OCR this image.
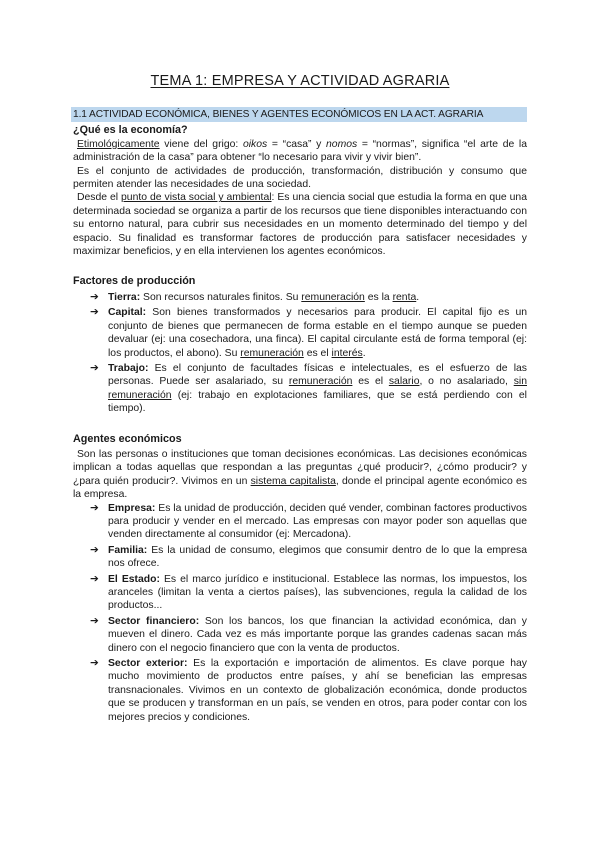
TEMA 1: EMPRESA Y ACTIVIDAD AGRARIA
1.1 ACTIVIDAD ECONÓMICA, BIENES Y AGENTES ECONÓMICOS EN LA ACT. AGRARIA

¿Qué es la economía?

Etimológicamente viene del grigo: oikos = “casa” y nomos = “normas”, significa “el arte de la administración de la casa” para obtener “lo necesario para vivir y vivir bien”.

Es el conjunto de actividades de producción, transformación, distribución y consumo que permiten atender las necesidades de una sociedad.

Desde el punto de vista social y ambiental: Es una ciencia social que estudia la forma en que una determinada sociedad se organiza a partir de los recursos que tiene disponibles interactuando con su entorno natural, para cubrir sus necesidades en un momento determinado del tiempo y del espacio. Su finalidad es transformar factores de producción para satisfacer necesidades y maximizar beneficios, y en ella intervienen los agentes económicos.

Factores de producción
➔ Tierra: Son recursos naturales finitos. Su remuneración es la renta.
➔ Capital: Son bienes transformados y necesarios para producir. El capital fijo es un conjunto de bienes que permanecen de forma estable en el tiempo aunque se pueden devaluar (ej: una cosechadora, una finca). El capital circulante está de forma temporal (ej: los productos, el abono). Su remuneración es el interés.
➔ Trabajo: Es el conjunto de facultades físicas e intelectuales, es el esfuerzo de las personas. Puede ser asalariado, su remuneración es el salario, o no asalariado, sin remuneración (ej: trabajo en explotaciones familiares, que se está perdiendo con el tiempo).
Agentes económicos

Son las personas o instituciones que toman decisiones económicas. Las decisiones económicas implican a todas aquellas que respondan a las preguntas ¿qué producir?, ¿cómo producir? y ¿para quién producir?. Vivimos en un sistema capitalista, donde el principal agente económico es la empresa.

➔ Empresa: Es la unidad de producción, deciden qué vender, combinan factores productivos para producir y vender en el mercado. Las empresas con mayor poder son aquellas que venden directamente al consumidor (ej: Mercadona).
➔ Familia: Es la unidad de consumo, elegimos que consumir dentro de lo que la empresa nos ofrece.
➔ El Estado: Es el marco jurídico e institucional. Establece las normas, los impuestos, los aranceles (limitan la venta a ciertos países), las subvenciones, regula la calidad de los productos...
➔ Sector financiero: Son los bancos, los que financian la actividad económica, dan y mueven el dinero. Cada vez es más importante porque las grandes cadenas sacan más dinero con el negocio financiero que con la venta de productos.
➔ Sector exterior: Es la exportación e importación de alimentos. Es clave porque hay mucho movimiento de productos entre países, y ahí se benefician las empresas transnacionales. Vivimos en un contexto de globalización económica, donde productos que se producen y transforman en un país, se venden en otros, para poder contar con los mejores precios y condiciones.
